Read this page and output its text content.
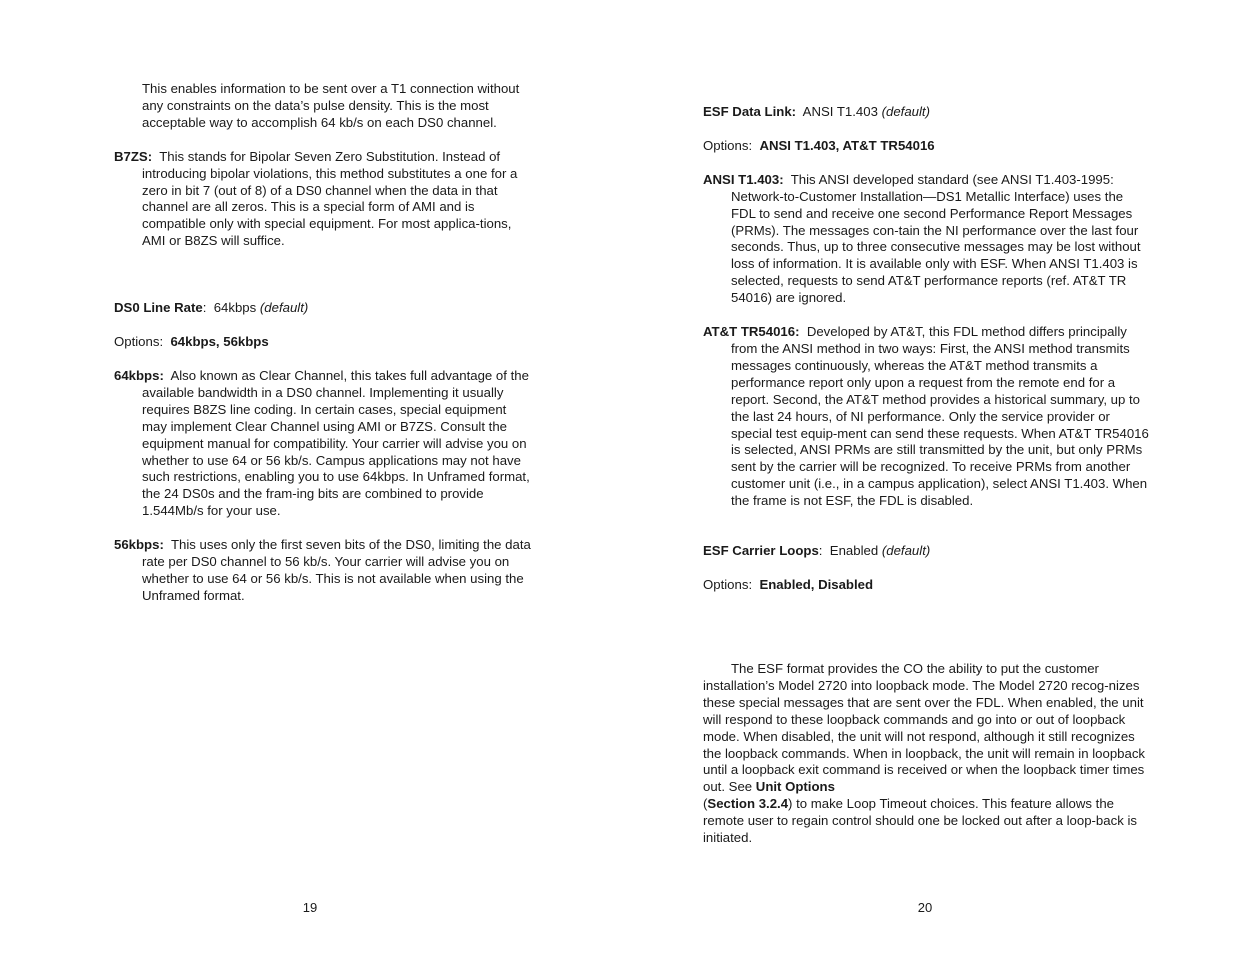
This enables information to be sent over a T1 connection without any constraints on the data’s pulse density. This is the most acceptable way to accomplish 64 kb/s on each DS0 channel.

B7ZS: This stands for Bipolar Seven Zero Substitution. Instead of introducing bipolar violations, this method substitutes a one for a zero in bit 7 (out of 8) of a DS0 channel when the data in that channel are all zeros. This is a special form of AMI and is compatible only with special equipment. For most applica-tions, AMI or B8ZS will suffice.

DS0 Line Rate:  64kbps (default)

Options: 64kbps, 56kbps

64kbps: Also known as Clear Channel, this takes full advantage of the available bandwidth in a DS0 channel. Implementing it usually requires B8ZS line coding. In certain cases, special equipment may implement Clear Channel using AMI or B7ZS. Consult the equipment manual for compatibility. Your carrier will advise you on whether to use 64 or 56 kb/s. Campus applications may not have such restrictions, enabling you to use 64kbps. In Unframed format, the 24 DS0s and the fram-ing bits are combined to provide 1.544Mb/s for your use.

56kbps: This uses only the first seven bits of the DS0, limiting the data rate per DS0 channel to 56 kb/s. Your carrier will advise you on whether to use 64 or 56 kb/s. This is not available when using the Unframed format.

19

ESF Data Link: ANSI T1.403 (default)

Options: ANSI T1.403, AT&T TR54016

ANSI T1.403: This ANSI developed standard (see ANSI T1.403-1995: Network-to-Customer Installation—DS1 Metallic Interface) uses the FDL to send and receive one second Performance Report Messages (PRMs). The messages con-tain the NI performance over the last four seconds. Thus, up to three consecutive messages may be lost without loss of information. It is available only with ESF. When ANSI T1.403 is selected, requests to send AT&T performance reports (ref. AT&T TR 54016) are ignored.

AT&T TR54016: Developed by AT&T, this FDL method differs principally from the ANSI method in two ways: First, the ANSI method transmits messages continuously, whereas the AT&T method transmits a performance report only upon a request from the remote end for a report. Second, the AT&T method provides a historical summary, up to the last 24 hours, of NI performance. Only the service provider or special test equip-ment can send these requests. When AT&T TR54016 is selected, ANSI PRMs are still transmitted by the unit, but only PRMs sent by the carrier will be recognized. To receive PRMs from another customer unit (i.e., in a campus application), select ANSI T1.403. When the frame is not ESF, the FDL is disabled.

ESF Carrier Loops:  Enabled (default)

Options: Enabled, Disabled

The ESF format provides the CO the ability to put the customer installation’s Model 2720 into loopback mode. The Model 2720 recog-nizes these special messages that are sent over the FDL. When enabled, the unit will respond to these loopback commands and go into or out of loopback mode. When disabled, the unit will not respond, although it still recognizes the loopback commands. When in loopback, the unit will remain in loopback until a loopback exit command is received or when the loopback timer times out. See Unit Options
(Section 3.2.4) to make Loop Timeout choices. This feature allows the remote user to regain control should one be locked out after a loop-back is initiated.

20
